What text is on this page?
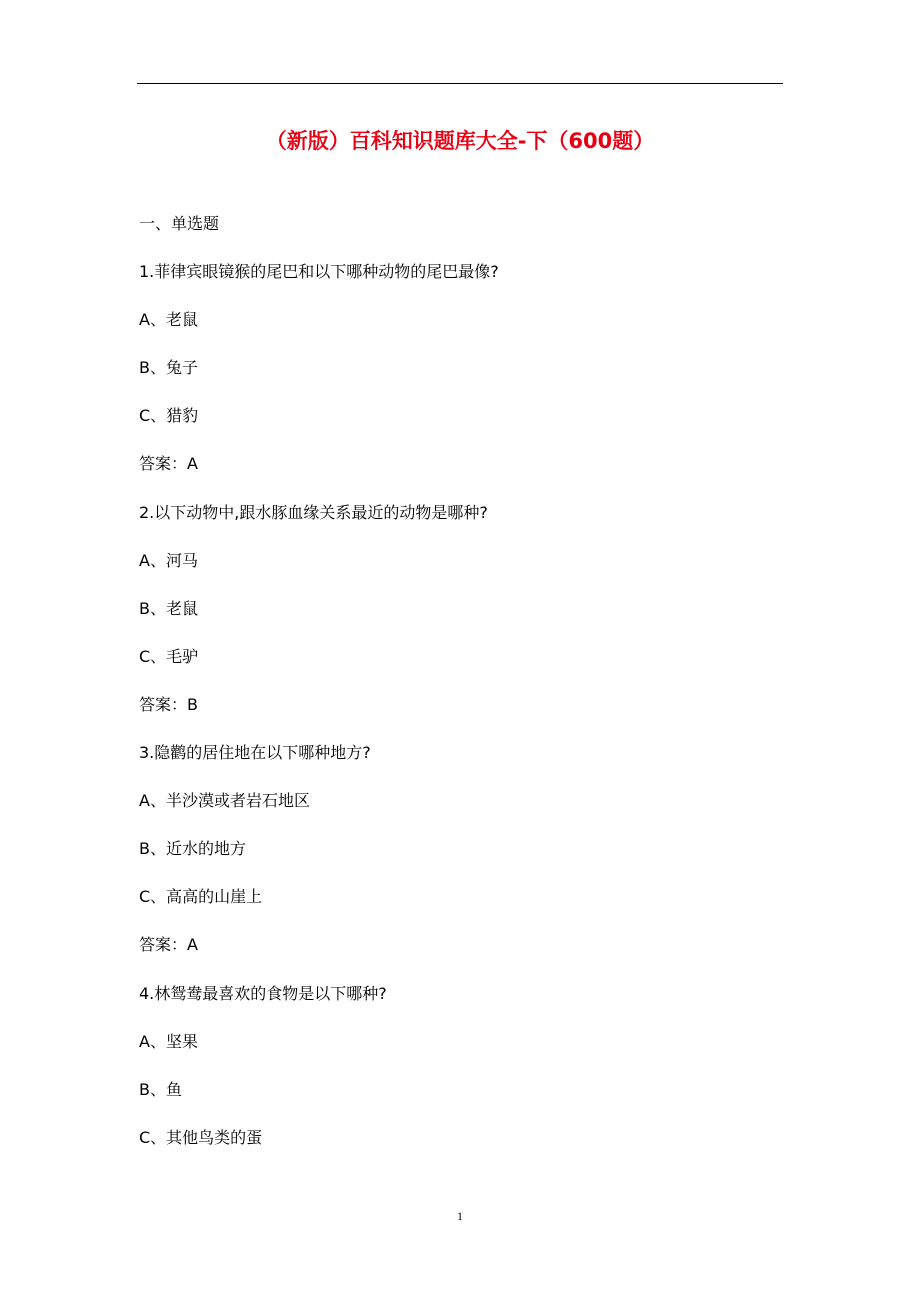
（新版）百科知识题库大全-下（600题）
一、单选题
1.菲律宾眼镜猴的尾巴和以下哪种动物的尾巴最像?
A、老鼠
B、兔子
C、猎豹
答案：A
2.以下动物中,跟水豚血缘关系最近的动物是哪种?
A、河马
B、老鼠
C、毛驴
答案：B
3.隐鹳的居住地在以下哪种地方?
A、半沙漠或者岩石地区
B、近水的地方
C、高高的山崖上
答案：A
4.林鸳鸯最喜欢的食物是以下哪种?
A、坚果
B、鱼
C、其他鸟类的蛋
1
